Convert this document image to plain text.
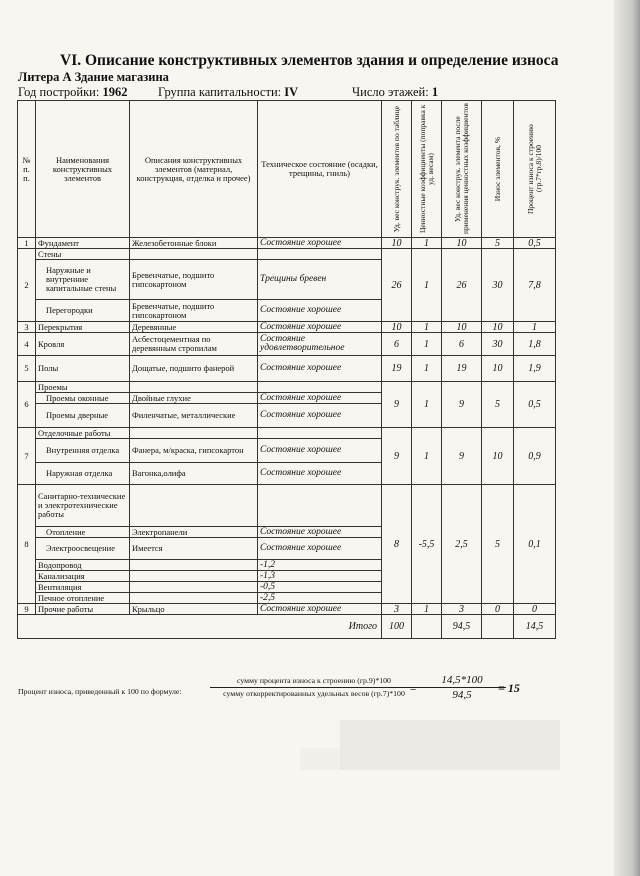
VI. Описание конструктивных элементов здания и определение износа
Литера А Здание магазина
Год постройки: 1962 Группа капитальности: IV	Число этажей: 1
№ п. п.	Наименования конструктивных элементов	Описания конструктивных элементов (материал, конструкция, отделка и прочее)	Техническое состояние (осадки, трещины, гниль)	Уд. вес конструк. элементов по таблице	Ценностные коэффициенты (поправка к уд. весам)	Уд. вес конструк. элемента после применения ценностных коэффициентов	Износ элементов, %	Процент износа к строению (гр.7*гр.8)/100

1	Фундамент	Железобетонные блоки	Состояние хорошее	10	1	10	5	0,5
2	Стены			26	1	26	30	7,8
	Наружные и внутренние капитальные стены	Бревенчатые, подшито гипсокартоном	Трещины бревен					
	Перегородки	Бревенчатые, подшито гипсокартоном	Состояние хорошее					
3	Перекрытия	Деревянные	Состояние хорошее	10	1	10	10	1
4	Кровля	Асбестоцементная по деревянным стропилам	Состояние удовлетворительное	6	1	6	30	1,8
5	Полы	Дощатые, подшито фанерой	Состояние хорошее	19	1	19	10	1,9
6	Проемы			9	1	9	5	0,5
	Проемы оконные	Двойные глухие	Состояние хорошее					
	Проемы дверные	Филенчатые, металлические	Состояние хорошее					
7	Отделочные работы			9	1	9	10	0,9
	Внутренняя отделка	Фанера, м/краска, гипсокартон	Состояние хорошее					
	Наружная отделка	Вагонка,олифа	Состояние хорошее					
8	Санитарно-технические и электротехнические работы			8	-5,5	2,5	5	0,1
	Отопление	Электропанели	Состояние хорошее					
	Электроосвещение	Имеется	Состояние хорошее					
	Водопровод		-1,2					
	Канализация		-1,3					
	Вентиляция		-0,5					
	Печное отопление		-2,5					
9	Прочие работы	Крыльцо	Состояние хорошее	3	1	3	0	0
Итого				100		94,5		14,5
Процент износа, приведенный к 100 по формуле:
сумму процента износа к строению (гр.9)*100
сумму откорректированных удельных весов (гр.7)*100 =
14,5*100
94,5	= 15
